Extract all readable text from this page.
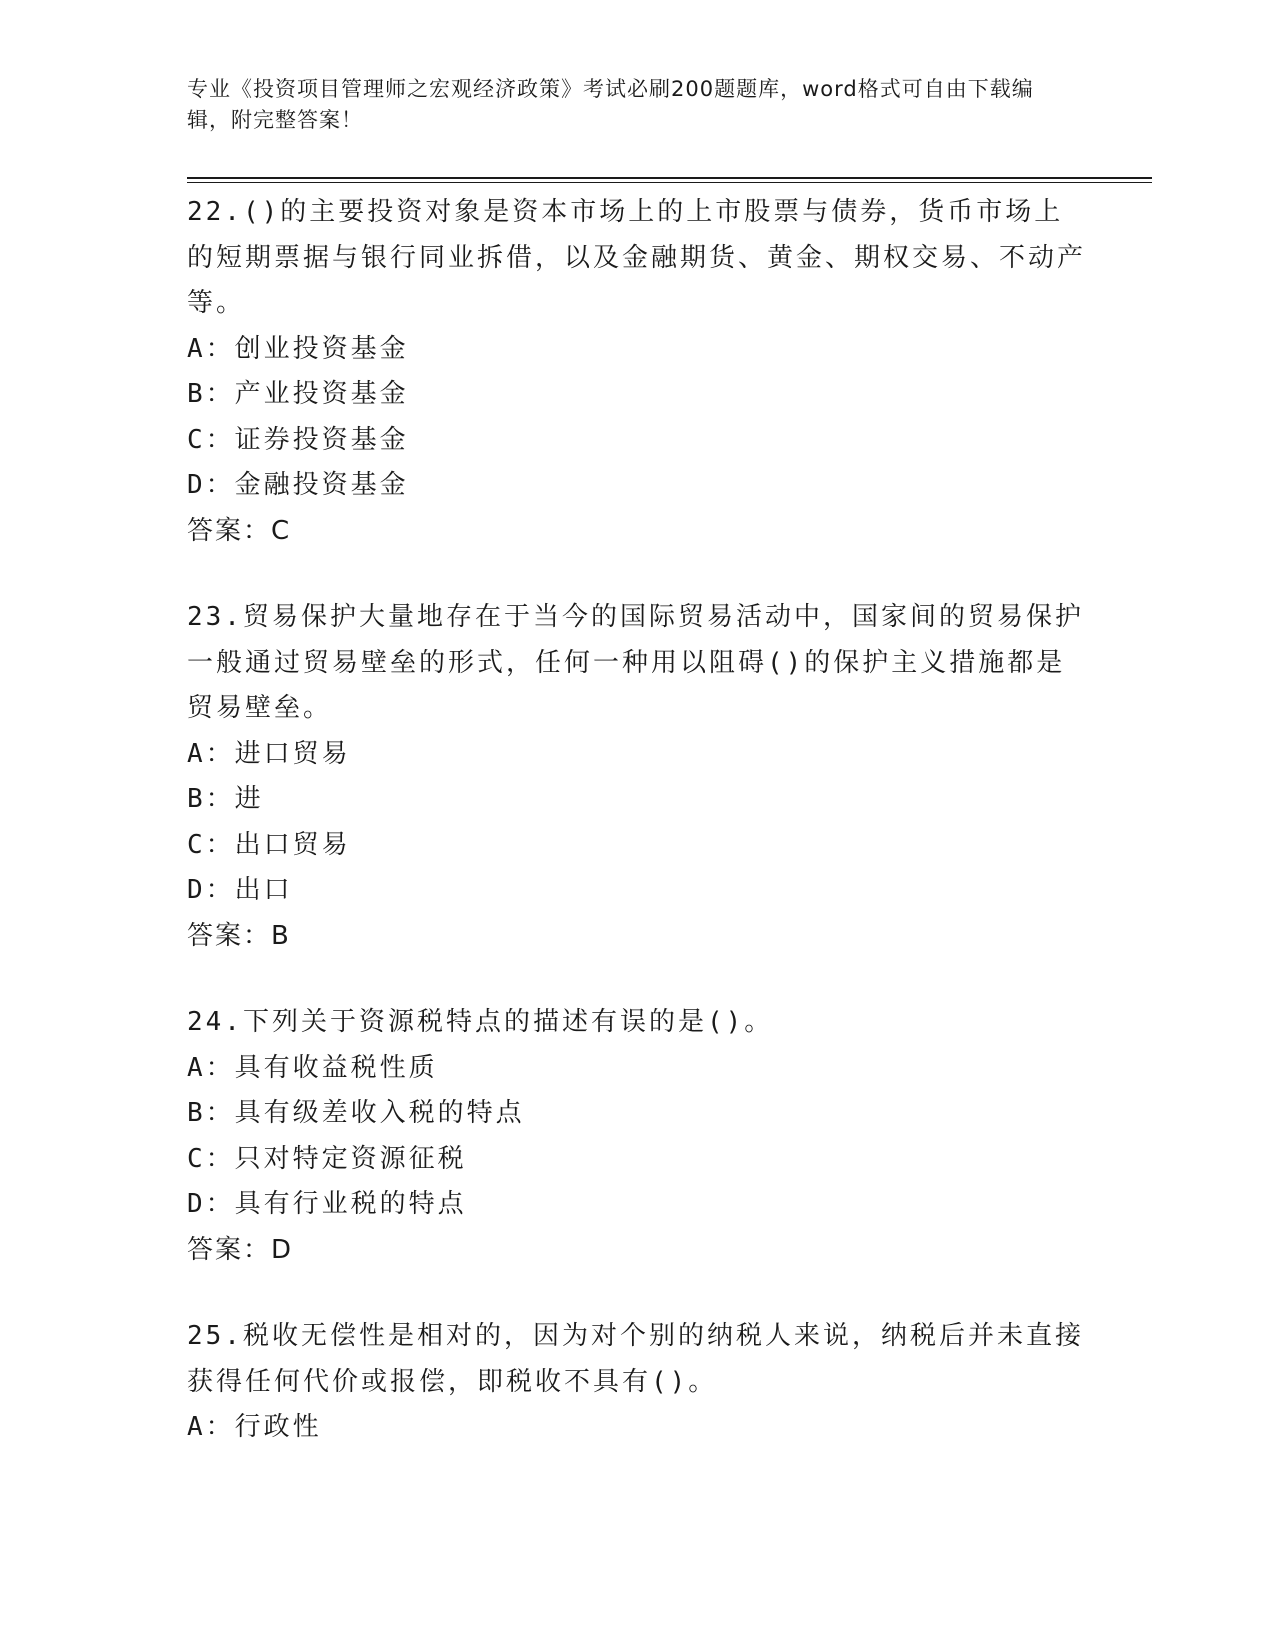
专业《投资项目管理师之宏观经济政策》考试必刷200题题库，word格式可自由下载编辑，附完整答案！

22.()的主要投资对象是资本市场上的上市股票与债券，货币市场上的短期票据与银行同业拆借，以及金融期货、黄金、期权交易、不动产等。

A：创业投资基金

B：产业投资基金

C：证券投资基金

D：金融投资基金

答案：C

23.贸易保护大量地存在于当今的国际贸易活动中，国家间的贸易保护一般通过贸易壁垒的形式，任何一种用以阻碍()的保护主义措施都是贸易壁垒。

A：进口贸易

B：进

C：出口贸易

D：出口

答案：B

24.下列关于资源税特点的描述有误的是()。

A：具有收益税性质

B：具有级差收入税的特点

C：只对特定资源征税

D：具有行业税的特点

答案：D

25.税收无偿性是相对的，因为对个别的纳税人来说，纳税后并未直接获得任何代价或报偿，即税收不具有()。

A：行政性
